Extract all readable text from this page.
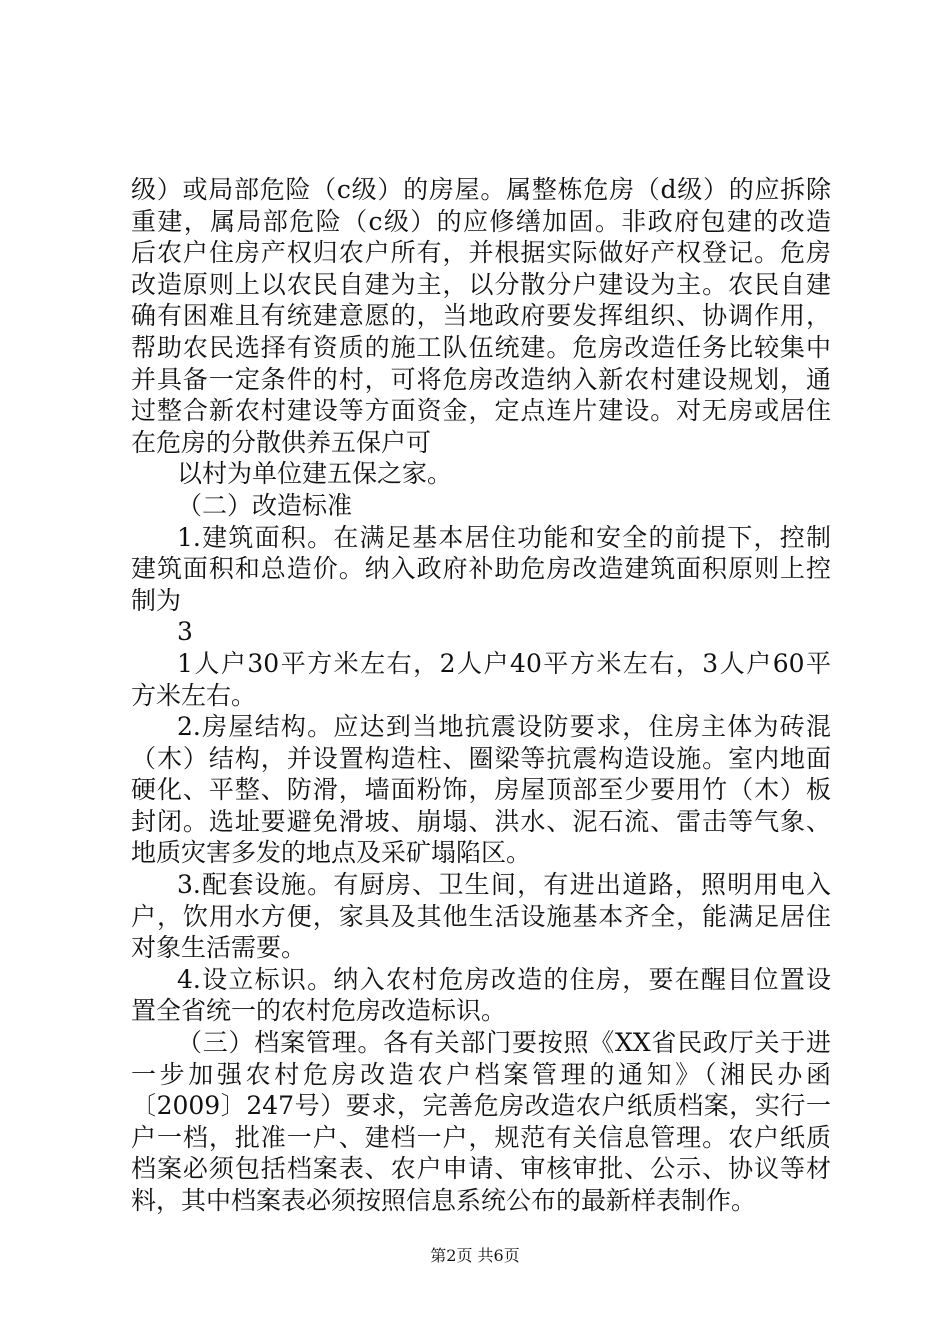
级）或局部危险（c级）的房屋。属整栋危房（d级）的应拆除
重建，属局部危险（c级）的应修缮加固。非政府包建的改造
后农户住房产权归农户所有，并根据实际做好产权登记。危房
改造原则上以农民自建为主，以分散分户建设为主。农民自建
确有困难且有统建意愿的，当地政府要发挥组织、协调作用，
帮助农民选择有资质的施工队伍统建。危房改造任务比较集中
并具备一定条件的村，可将危房改造纳入新农村建设规划，通
过整合新农村建设等方面资金，定点连片建设。对无房或居住
在危房的分散供养五保户可
以村为单位建五保之家。
（二）改造标准
1.建筑面积。在满足基本居住功能和安全的前提下，控制
建筑面积和总造价。纳入政府补助危房改造建筑面积原则上控
制为
3
1人户30平方米左右，2人户40平方米左右，3人户60平
方米左右。
2.房屋结构。应达到当地抗震设防要求，住房主体为砖混
（木）结构，并设置构造柱、圈梁等抗震构造设施。室内地面
硬化、平整、防滑，墙面粉饰，房屋顶部至少要用竹（木）板
封闭。选址要避免滑坡、崩塌、洪水、泥石流、雷击等气象、
地质灾害多发的地点及采矿塌陷区。
3.配套设施。有厨房、卫生间，有进出道路，照明用电入
户，饮用水方便，家具及其他生活设施基本齐全，能满足居住
对象生活需要。
4.设立标识。纳入农村危房改造的住房，要在醒目位置设
置全省统一的农村危房改造标识。
（三）档案管理。各有关部门要按照《XX省民政厅关于进
一步加强农村危房改造农户档案管理的通知》（湘民办函
〔2009〕247号）要求，完善危房改造农户纸质档案，实行一
户一档，批准一户、建档一户，规范有关信息管理。农户纸质
档案必须包括档案表、农户申请、审核审批、公示、协议等材
料，其中档案表必须按照信息系统公布的最新样表制作。
第2页 共6页
